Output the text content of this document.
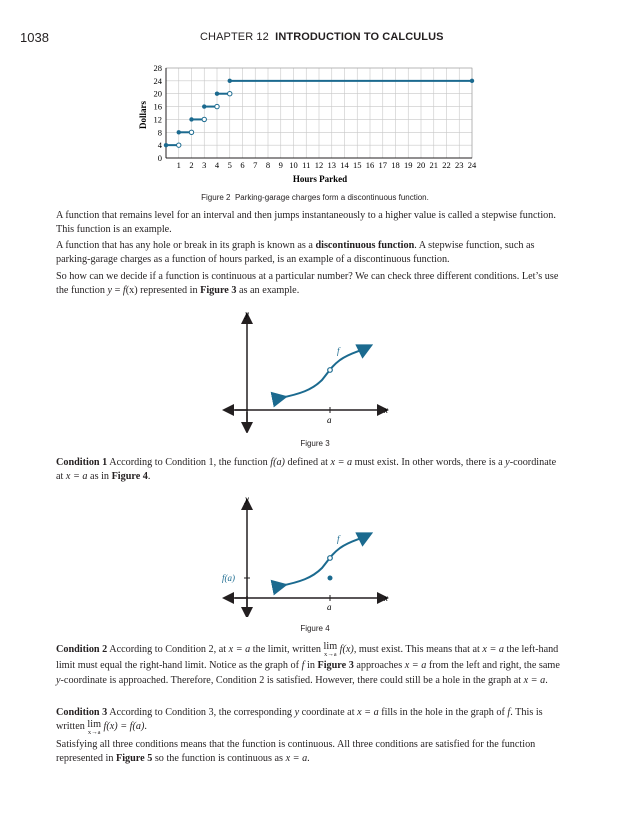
1038	CHAPTER 12 INTRODUCTION TO CALCULUS
1 2 3 4 5 6 7 8 9 10 11 12 13 14 15 16 17 18 19 20 21 22 23 24
0
4
8
12
16
20
24
28
Hours Parked
Dollars
Figure 2 Parking-garage charges form a discontinuous function.

A function that remains level for an interval and then jumps instantaneously to a higher value is called a stepwise function. This function is an example.

A function that has any hole or break in its graph is known as a discontinuous function. A stepwise function, such as parking-garage charges as a function of hours parked, is an example of a discontinuous function.

So how can we decide if a function is continuous at a particular number? We can check three different conditions. Let’s use the function y = f(x) represented in Figure 3 as an example.

y
x
a
f
Figure 3

Condition 1 According to Condition 1, the function f(a) defined at x = a must exist. In other words, there is a y-coordinate at x = a as in Figure 4.

y
x
a
f(a)
f
Figure 4

Condition 2 According to Condition 2, at x = a the limit, written lim
x→a f(x), must exist. This means that at x = a the left-hand limit must equal the right-hand limit. Notice as the graph of f in Figure 3 approaches x = a from the left and right, the same y-coordinate is approached. Therefore, Condition 2 is satisfied. However, there could still be a hole in the graph at x = a.

Condition 3 According to Condition 3, the corresponding y coordinate at x = a fills in the hole in the graph of f. This is written lim
x→a
f(x) = f(a).

Satisfying all three conditions means that the function is continuous. All three conditions are satisfied for the function represented in Figure 5 so the function is continuous as x = a.
